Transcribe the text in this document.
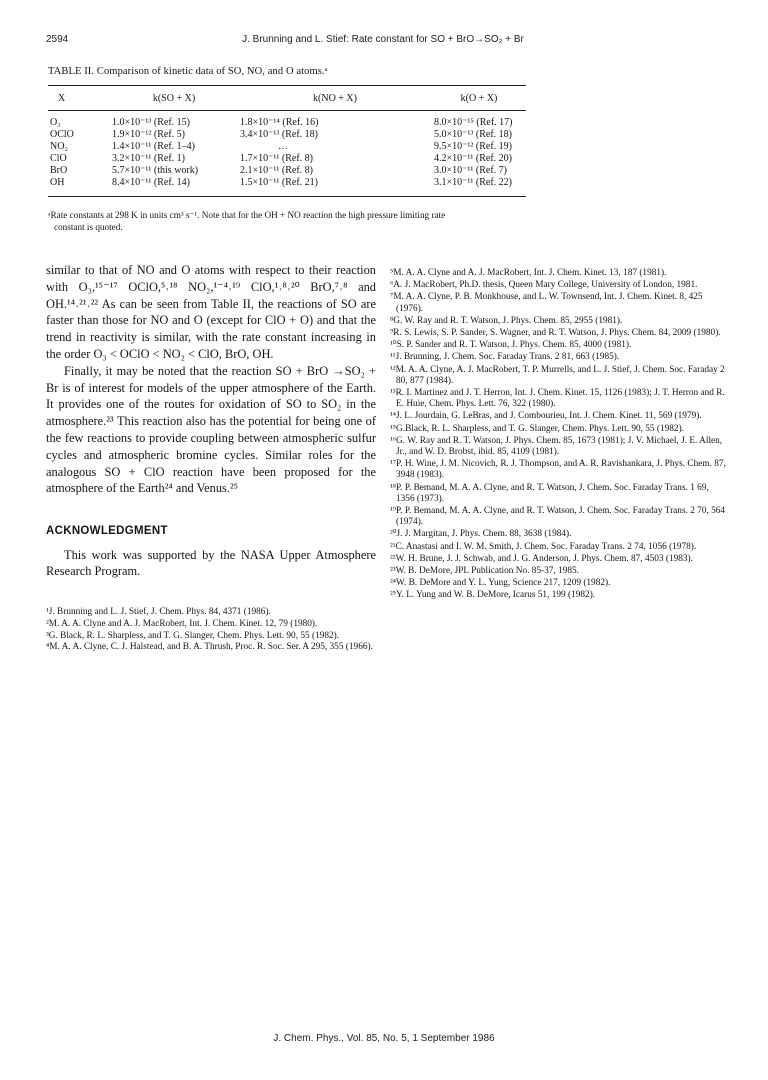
2594	J. Brunning and L. Stief: Rate constant for SO + BrO→SO₂ + Br
TABLE II. Comparison of kinetic data of SO, NO, and O atoms.ᵃ
X	k(SO + X)	k(NO + X)	k(O + X)
O₃	1.0×10⁻¹³ (Ref. 15)	1.8×10⁻¹⁴ (Ref. 16)	8.0×10⁻¹⁵ (Ref. 17)
OClO	1.9×10⁻¹² (Ref. 5)	3.4×10⁻¹³ (Ref. 18)	5.0×10⁻¹³ (Ref. 18)
NO₂	1.4×10⁻¹¹ (Ref. 1–4)	…	9.5×10⁻¹² (Ref. 19)
ClO	3.2×10⁻¹¹ (Ref. 1)	1.7×10⁻¹¹ (Ref. 8)	4.2×10⁻¹¹ (Ref. 20)
BrO	5.7×10⁻¹¹ (this work)	2.1×10⁻¹¹ (Ref. 8)	3.0×10⁻¹¹ (Ref. 7)
OH	8.4×10⁻¹¹ (Ref. 14)	1.5×10⁻¹¹ (Ref. 21)	3.1×10⁻¹¹ (Ref. 22)
ᵃRate constants at 298 K in units cm³ s⁻¹. Note that for the OH + NO reaction the high pressure limiting rate
constant is quoted.

similar to that of NO and O atoms with respect to their reaction with O₃,¹⁵⁻¹⁷ OClO,⁵˒¹⁸ NO₂,¹⁻⁴˒¹⁹ ClO,¹˒⁸˒²⁰ BrO,⁷˒⁸ and OH.¹⁴˒²¹˒²² As can be seen from Table II, the reactions of SO are faster than those for NO and O (except for ClO + O) and that the trend in reactivity is similar, with the rate constant increasing in the order O₃ < OClO < NO₂ < ClO, BrO, OH.

Finally, it may be noted that the reaction SO + BrO →SO₂ + Br is of interest for models of the upper atmosphere of the Earth. It provides one of the routes for oxidation of SO to SO₂ in the atmosphere.²³ This reaction also has the potential for being one of the few reactions to provide coupling between atmospheric sulfur cycles and atmospheric bromine cycles. Similar roles for the analogous SO + ClO reaction have been proposed for the atmosphere of the Earth²⁴ and Venus.²⁵

ACKNOWLEDGMENT

This work was supported by the NASA Upper Atmosphere Research Program.

¹J. Brunning and L. J. Stief, J. Chem. Phys. 84, 4371 (1986).

²M. A. A. Clyne and A. J. MacRobert, Int. J. Chem. Kinet. 12, 79 (1980).

³G. Black, R. L. Sharpless, and T. G. Slanger, Chem. Phys. Lett. 90, 55 (1982).

⁴M. A. A. Clyne, C. J. Halstead, and B. A. Thrush, Proc. R. Soc. Ser. A 295, 355 (1966).

⁵M. A. A. Clyne and A. J. MacRobert, Int. J. Chem. Kinet. 13, 187 (1981).

⁶A. J. MacRobert, Ph.D. thesis, Queen Mary College, University of London, 1981.

⁷M. A. A. Clyne, P. B. Monkhouse, and L. W. Townsend, Int. J. Chem. Kinet. 8, 425 (1976).

⁸G. W. Ray and R. T. Watson, J. Phys. Chem. 85, 2955 (1981).

⁹R. S. Lewis, S. P. Sander, S. Wagner, and R. T. Watson, J. Phys. Chem. 84, 2009 (1980).

¹⁰S. P. Sander and R. T. Watson, J. Phys. Chem. 85, 4000 (1981).

¹¹J. Brunning, J. Chem. Soc. Faraday Trans. 2 81, 663 (1985).

¹²M. A. A. Clyne, A. J. MacRobert, T. P. Murrells, and L. J. Stief, J. Chem. Soc. Faraday 2 80, 877 (1984).

¹³R. I. Martinez and J. T. Herron, Int. J. Chem. Kinet. 15, 1126 (1983); J. T. Herron and R. E. Huie, Chem. Phys. Lett. 76, 322 (1980).

¹⁴J. L. Jourdain, G. LeBras, and J. Combourieu, Int. J. Chem. Kinet. 11, 569 (1979).

¹⁵G.Black, R. L. Sharpless, and T. G. Slanger, Chem. Phys. Lett. 90, 55 (1982).

¹⁶G. W. Ray and R. T. Watson, J. Phys. Chem. 85, 1673 (1981); J. V. Michael, J. E. Allen, Jr., and W. D. Brobst, ibid. 85, 4109 (1981).

¹⁷P. H. Wine, J. M. Nicovich, R. J. Thompson, and A. R. Ravishankara, J. Phys. Chem. 87, 3948 (1983).

¹⁸P. P. Bemand, M. A. A. Clyne, and R. T. Watson, J. Chem. Soc. Faraday Trans. 1 69, 1356 (1973).

¹⁹P. P. Bemand, M. A. A. Clyne, and R. T. Watson, J. Chem. Soc. Faraday Trans. 2 70, 564 (1974).

²⁰J. J. Margitan, J. Phys. Chem. 88, 3638 (1984).

²¹C. Anastasi and I. W. M. Smith, J. Chem. Soc. Faraday Trans. 2 74, 1056 (1978).

²²W. H. Brune, J. J. Schwab, and J. G. Anderson, J. Phys. Chem. 87, 4503 (1983).

²³W. B. DeMore, JPL Publication No. 85-37, 1985.

²⁴W. B. DeMore and Y. L. Yung, Science 217, 1209 (1982).

²⁵Y. L. Yung and W. B. DeMore, Icarus 51, 199 (1982).

J. Chem. Phys., Vol. 85, No. 5, 1 September 1986
